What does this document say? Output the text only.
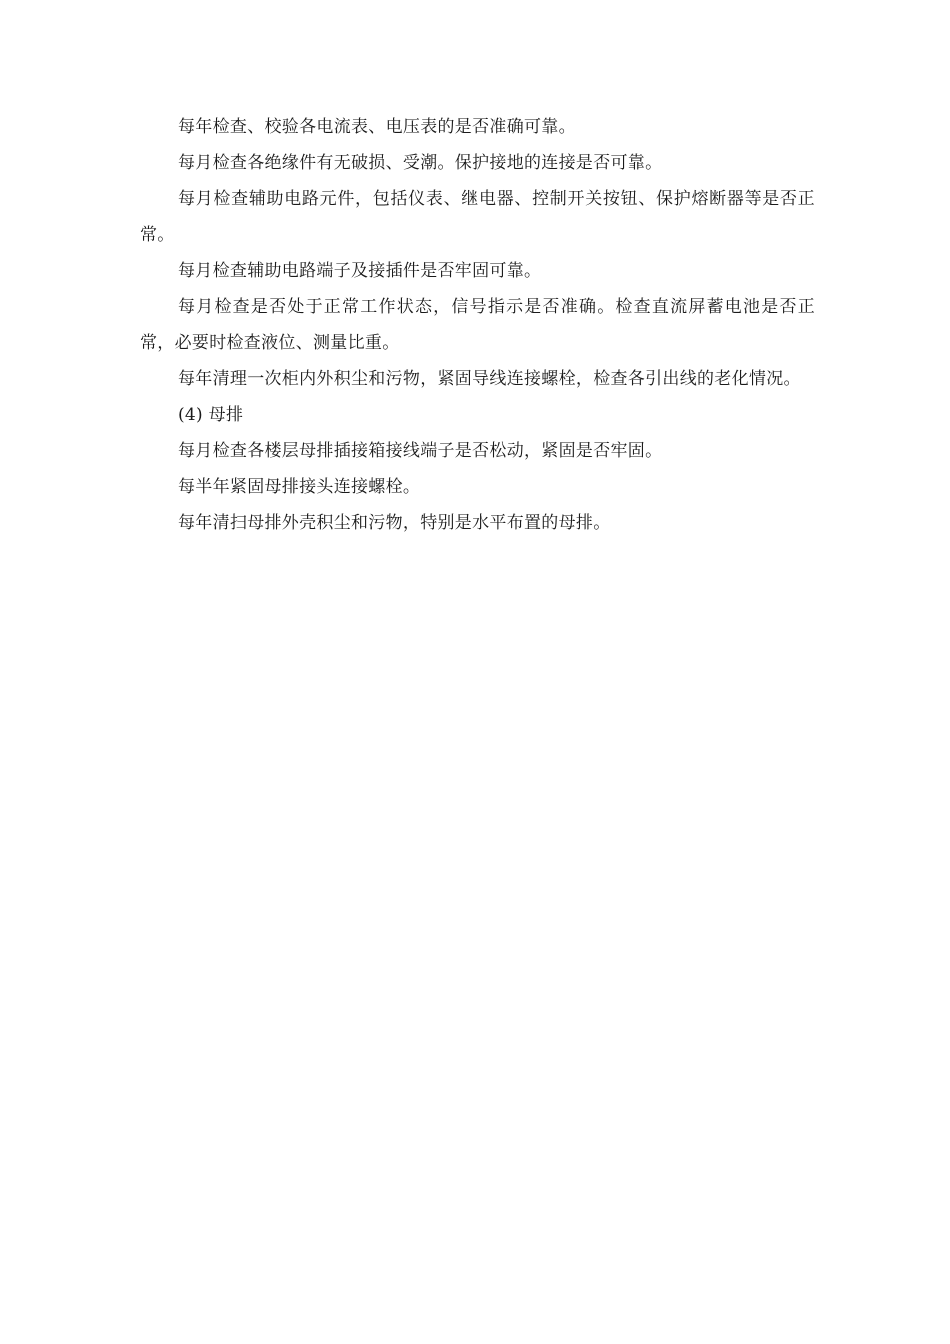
每年检查、校验各电流表、电压表的是否准确可靠。

每月检查各绝缘件有无破损、受潮。保护接地的连接是否可靠。

每月检查辅助电路元件，包括仪表、继电器、控制开关按钮、保护熔断器等是否正常。

每月检查辅助电路端子及接插件是否牢固可靠。

每月检查是否处于正常工作状态，信号指示是否准确。检查直流屏蓄电池是否正常，必要时检查液位、测量比重。

每年清理一次柜内外积尘和污物，紧固导线连接螺栓，检查各引出线的老化情况。

(4) 母排

每月检查各楼层母排插接箱接线端子是否松动，紧固是否牢固。

每半年紧固母排接头连接螺栓。

每年清扫母排外壳积尘和污物，特别是水平布置的母排。
